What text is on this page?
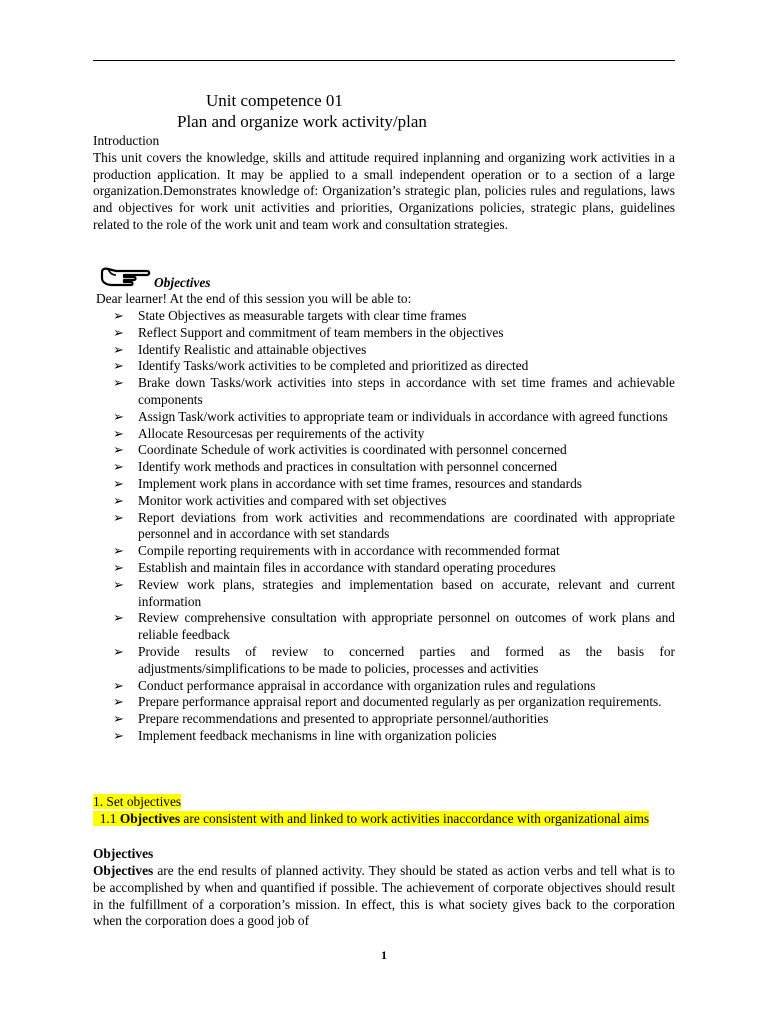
Unit competence 01
Plan and organize work activity/plan
Introduction
This unit covers the knowledge, skills and attitude required inplanning and organizing work activities in a production application. It may be applied to a small independent operation or to a section of a large organization.Demonstrates knowledge of: Organization’s strategic plan, policies rules and regulations, laws and objectives for work unit activities and priorities, Organizations policies, strategic plans, guidelines related to the role of the work unit and team work and consultation strategies.
Objectives
Dear learner! At the end of this session you will be able to:
➢ State Objectives as measurable targets with clear time frames
➢ Reflect Support and commitment of team members in the objectives
➢ Identify Realistic and attainable objectives
➢ Identify Tasks/work activities to be completed and prioritized as directed
➢ Brake down Tasks/work activities into steps in accordance with set time frames and achievable components
➢ Assign Task/work activities to appropriate team or individuals in accordance with agreed functions
➢ Allocate Resourcesas per requirements of the activity
➢ Coordinate Schedule of work activities is coordinated with personnel concerned
➢ Identify work methods and practices in consultation with personnel concerned
➢ Implement work plans in accordance with set time frames, resources and standards
➢ Monitor work activities and compared with set objectives
➢ Report deviations from work activities and recommendations are coordinated with appropriate personnel and in accordance with set standards
➢ Compile reporting requirements with in accordance with recommended format
➢ Establish and maintain files in accordance with standard operating procedures
➢ Review work plans, strategies and implementation based on accurate, relevant and current information
➢ Review comprehensive consultation with appropriate personnel on outcomes of work plans and reliable feedback
➢ Provide results of review to concerned parties and formed as the basis for adjustments/simplifications to be made to policies, processes and activities
➢ Conduct performance appraisal in accordance with organization rules and regulations
➢ Prepare performance appraisal report and documented regularly as per organization requirements.
➢ Prepare recommendations and presented to appropriate personnel/authorities
➢ Implement feedback mechanisms in line with organization policies
1. Set objectives
1.1 Objectives are consistent with and linked to work activities inaccordance with organizational aims
Objectives
Objectives are the end results of planned activity. They should be stated as action verbs and tell what is to be accomplished by when and quantified if possible. The achievement of corporate objectives should result in the fulfillment of a corporation’s mission. In effect, this is what society gives back to the corporation when the corporation does a good job of
1
